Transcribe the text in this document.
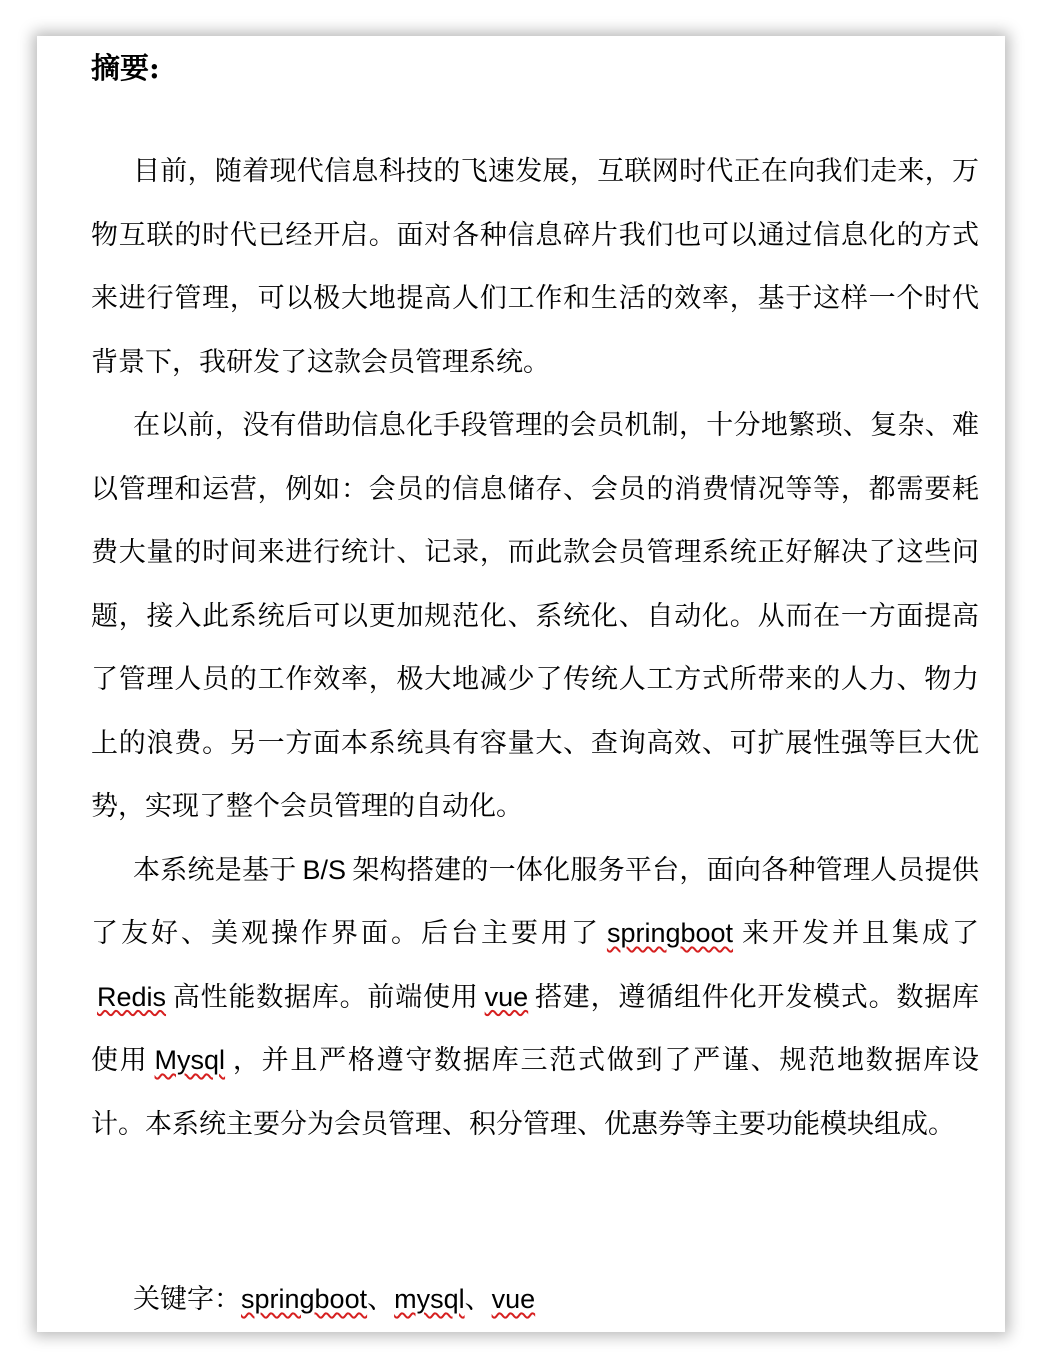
摘要:

目前，随着现代信息科技的飞速发展，互联网时代正在向我们走来，万物互联的时代已经开启。面对各种信息碎片我们也可以通过信息化的方式来进行管理，可以极大地提高人们工作和生活的效率，基于这样一个时代背景下，我研发了这款会员管理系统。

在以前，没有借助信息化手段管理的会员机制，十分地繁琐、复杂、难以管理和运营，例如：会员的信息储存、会员的消费情况等等，都需要耗费大量的时间来进行统计、记录，而此款会员管理系统正好解决了这些问题，接入此系统后可以更加规范化、系统化、自动化。从而在一方面提高了管理人员的工作效率，极大地减少了传统人工方式所带来的人力、物力上的浪费。另一方面本系统具有容量大、查询高效、可扩展性强等巨大优势，实现了整个会员管理的自动化。

本系统是基于 B/S 架构搭建的一体化服务平台，面向各种管理人员提供了友好、美观操作界面。后台主要用了 springboot 来开发并且集成了Redis 高性能数据库。前端使用 vue 搭建，遵循组件化开发模式。数据库使用 Mysql ，并且严格遵守数据库三范式做到了严谨、规范地数据库设计。本系统主要分为会员管理、积分管理、优惠券等主要功能模块组成。

关键字：springboot、mysql、vue
